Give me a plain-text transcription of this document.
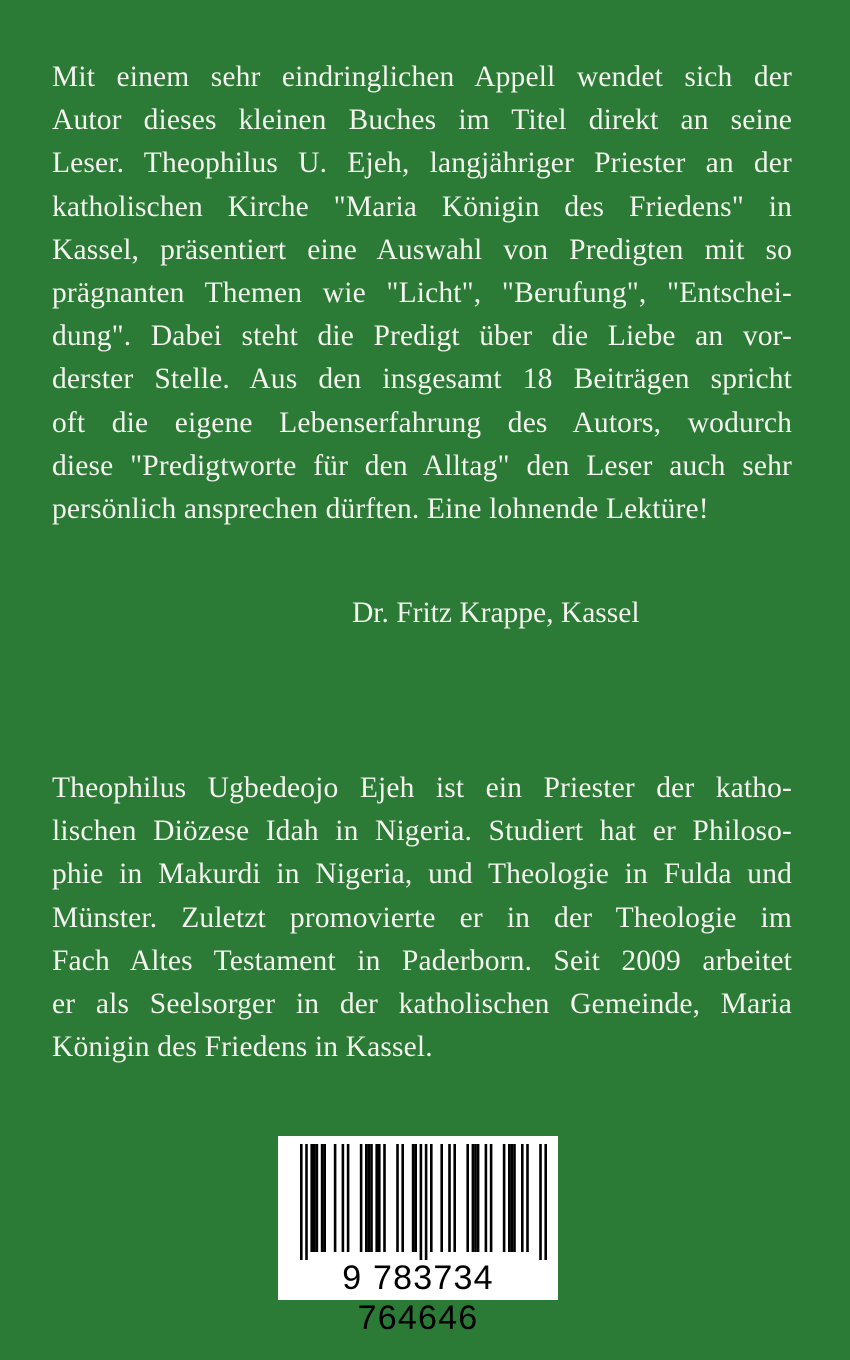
Mit einem sehr eindringlichen Appell wendet sich der
Autor dieses kleinen Buches im Titel direkt an seine
Leser. Theophilus U. Ejeh, langjähriger Priester an der
katholischen Kirche "Maria Königin des Friedens" in
Kassel, präsentiert eine Auswahl von Predigten mit so
prägnanten Themen wie "Licht", "Berufung", "Entschei-
dung". Dabei steht die Predigt über die Liebe an vor-
derster Stelle. Aus den insgesamt 18 Beiträgen spricht
oft die eigene Lebenserfahrung des Autors, wodurch
diese "Predigtworte für den Alltag" den Leser auch sehr
persönlich ansprechen dürften. Eine lohnende Lektüre!
Dr. Fritz Krappe, Kassel
Theophilus Ugbedeojo Ejeh ist ein Priester der katho-
lischen Diözese Idah in Nigeria. Studiert hat er Philoso-
phie in Makurdi in Nigeria, und Theologie in Fulda und
Münster. Zuletzt promovierte er in der Theologie im
Fach Altes Testament in Paderborn. Seit 2009 arbeitet
er als Seelsorger in der katholischen Gemeinde, Maria
Königin des Friedens in Kassel.
9 783734 764646
